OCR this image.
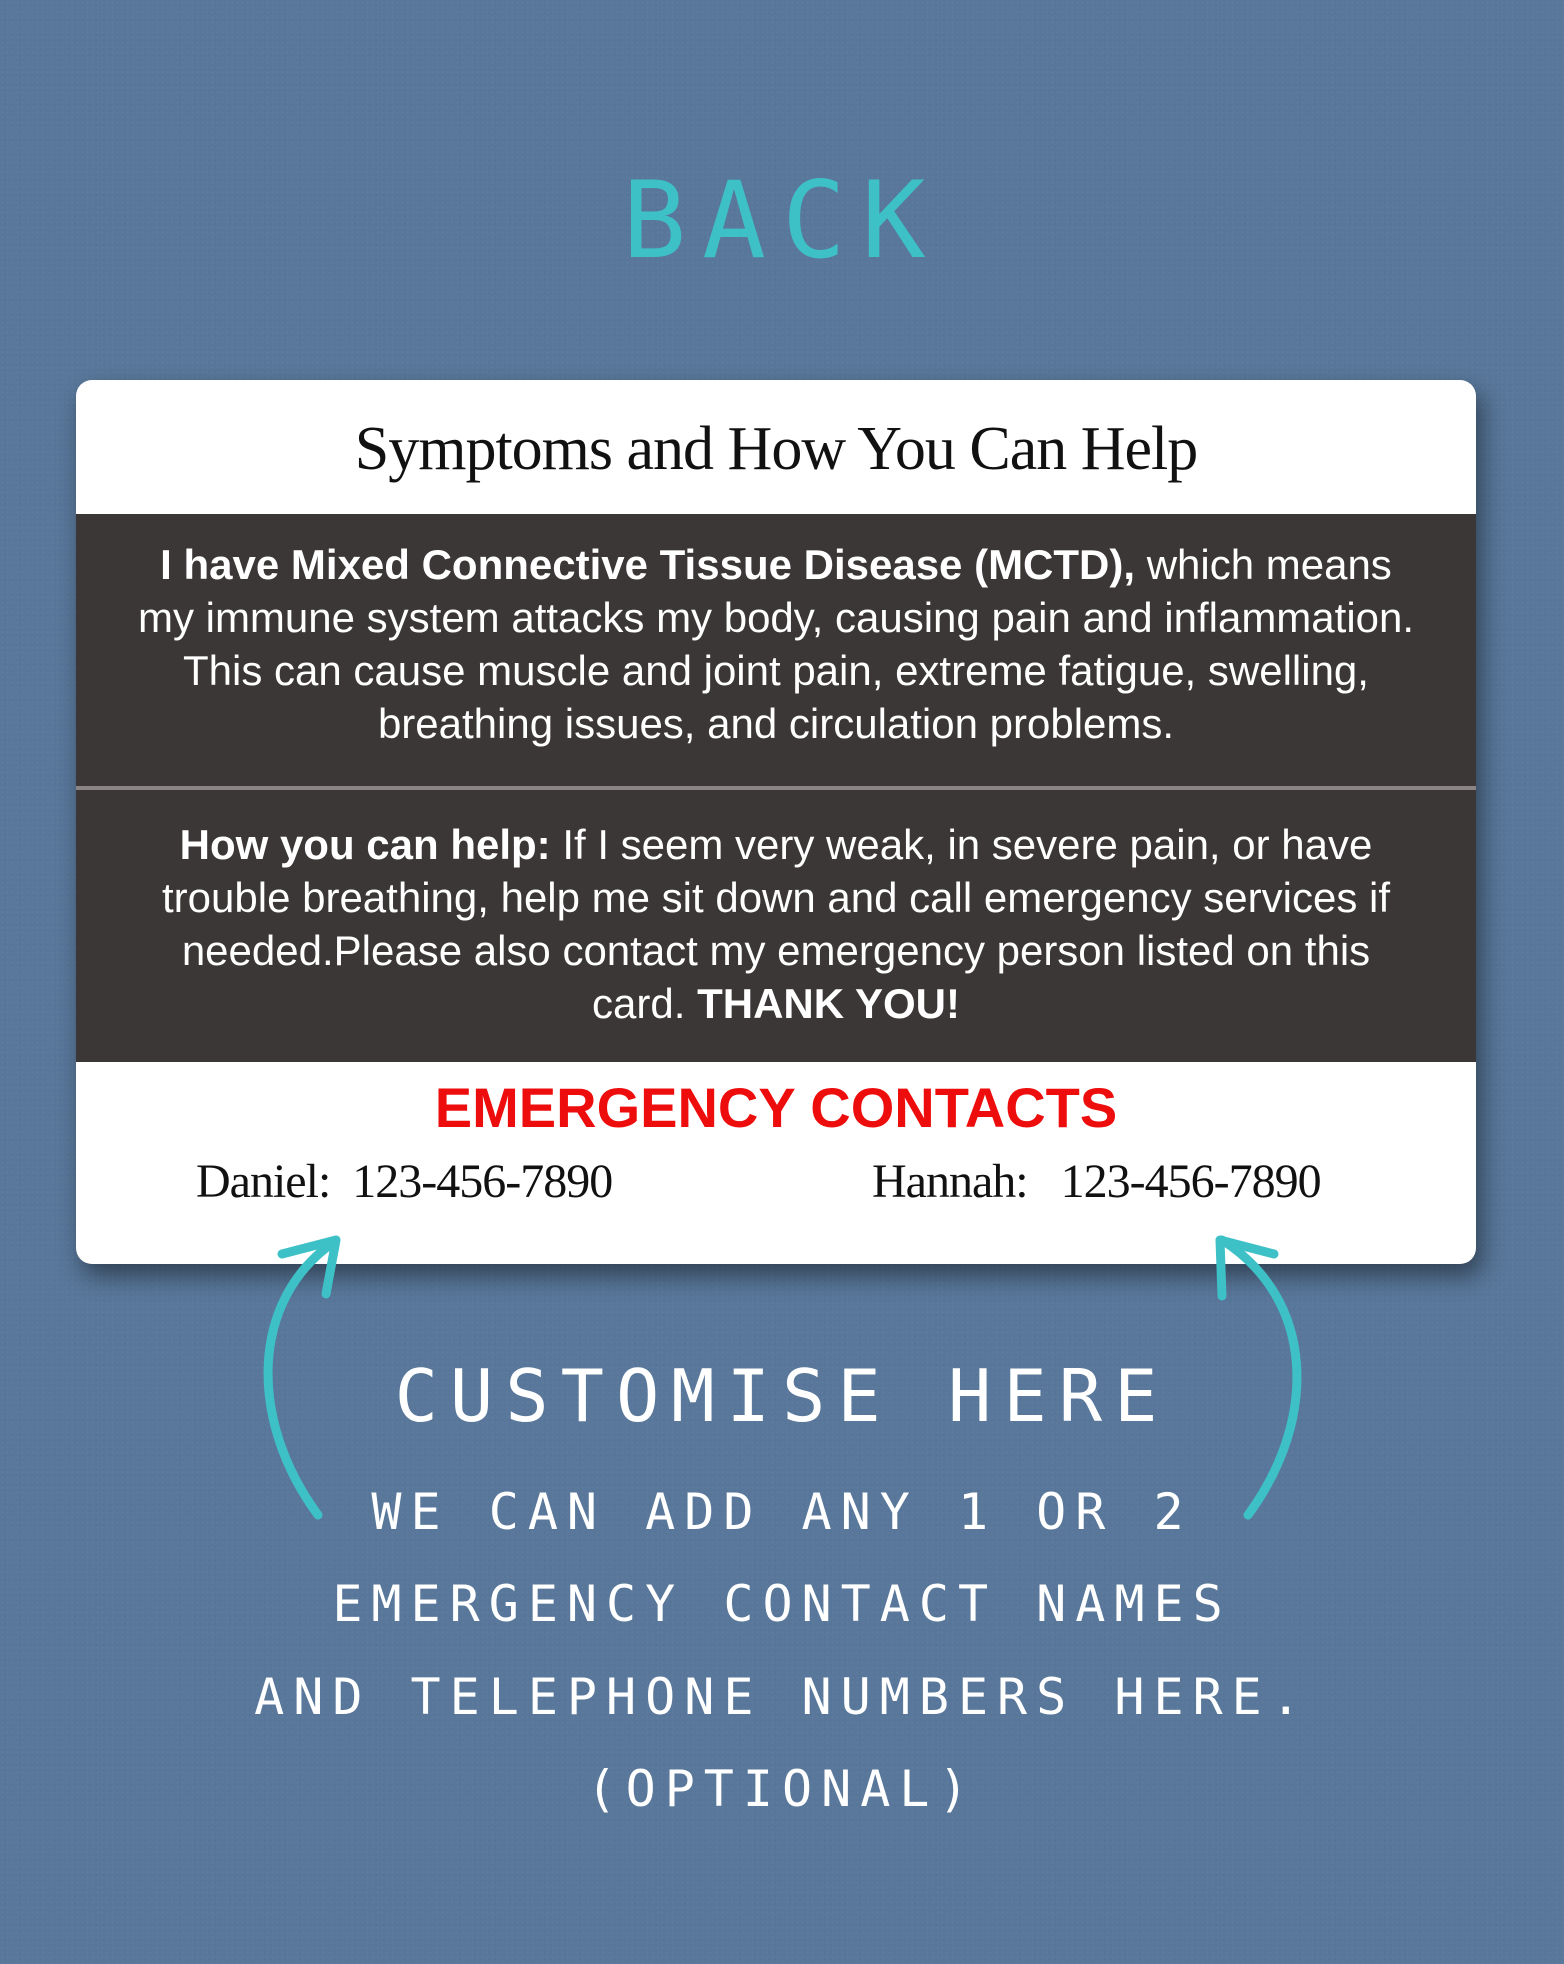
BACK
Symptoms and How You Can Help

I have Mixed Connective Tissue Disease (MCTD), which means my immune system attacks my body, causing pain and inflammation. This can cause muscle and joint pain, extreme fatigue, swelling, breathing issues, and circulation problems.

How you can help: If I seem very weak, in severe pain, or have trouble breathing, help me sit down and call emergency services if needed.Please also contact my emergency person listed on this card. THANK YOU!

EMERGENCY CONTACTS
Daniel:  123-456-7890	Hannah:   123-456-7890
CUSTOMISE HERE
WE CAN ADD ANY 1 OR 2
EMERGENCY CONTACT NAMES
AND TELEPHONE NUMBERS HERE.
(OPTIONAL)
